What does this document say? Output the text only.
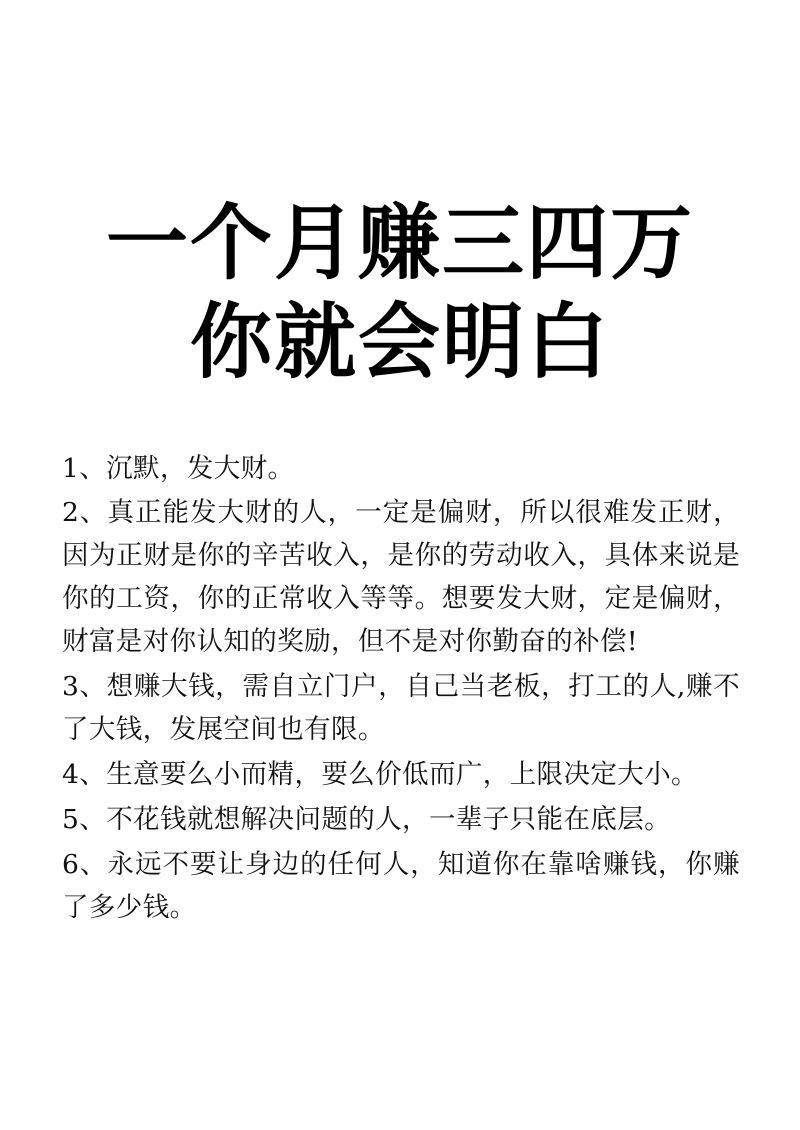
一个月赚三四万
你就会明白

1、沉默，发大财。

2、真正能发大财的人，一定是偏财，所以很难发正财，因为正财是你的辛苦收入，是你的劳动收入，具体来说是你的工资，你的正常收入等等。想要发大财，定是偏财，财富是对你认知的奖励，但不是对你勤奋的补偿!

3、想赚大钱，需自立门户，自己当老板，打工的人,赚不了大钱，发展空间也有限。

4、生意要么小而精，要么价低而广，上限决定大小。

5、不花钱就想解决问题的人，一辈子只能在底层。

6、永远不要让身边的任何人，知道你在靠啥赚钱，你赚了多少钱。
